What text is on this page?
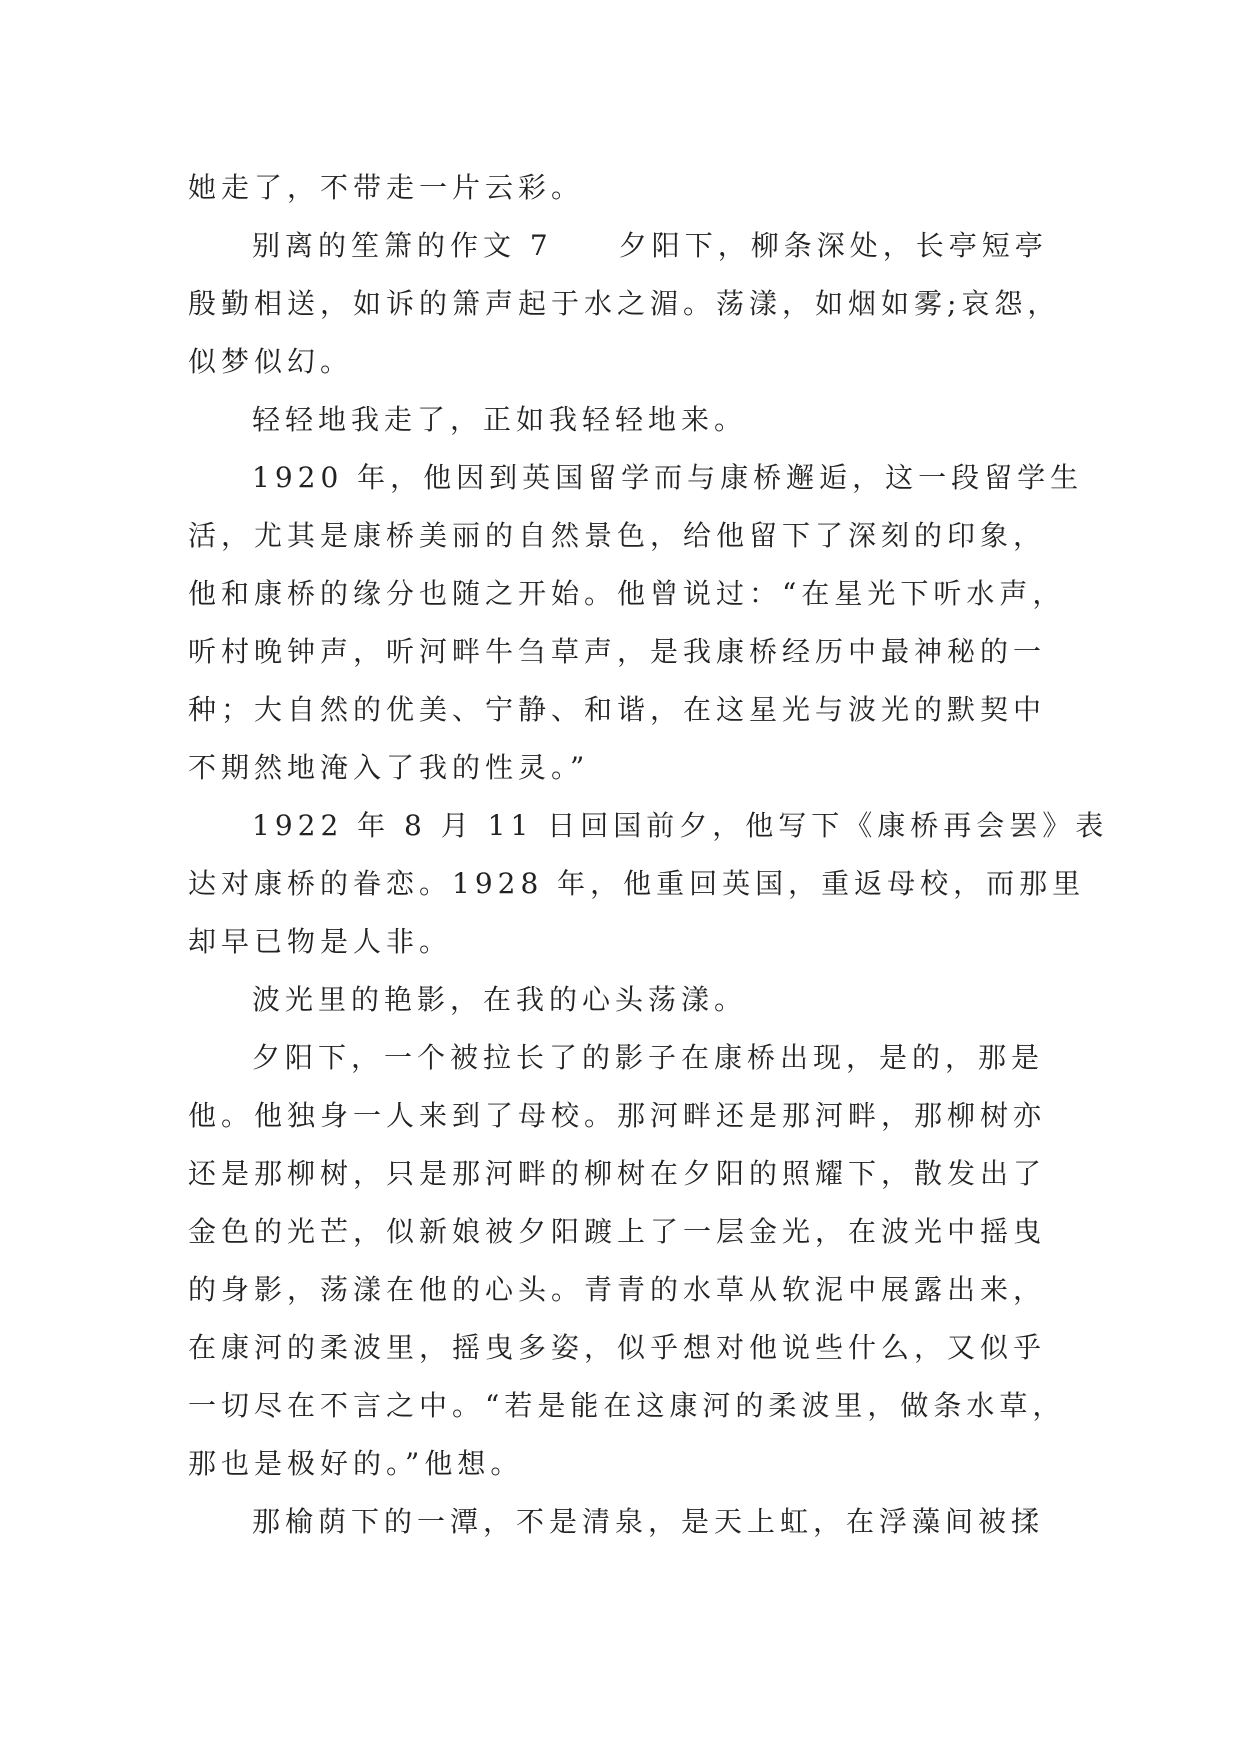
她走了，不带走一片云彩。
别离的笙箫的作文 7　　夕阳下，柳条深处，长亭短亭
殷勤相送，如诉的箫声起于水之湄。荡漾，如烟如雾;哀怨，
似梦似幻。
轻轻地我走了，正如我轻轻地来。
1920 年，他因到英国留学而与康桥邂逅，这一段留学生
活，尤其是康桥美丽的自然景色，给他留下了深刻的印象，
他和康桥的缘分也随之开始。他曾说过：“在星光下听水声，
听村晚钟声，听河畔牛刍草声，是我康桥经历中最神秘的一
种；大自然的优美、宁静、和谐，在这星光与波光的默契中
不期然地淹入了我的性灵。”
1922 年 8 月 11 日回国前夕，他写下《康桥再会罢》表
达对康桥的眷恋。1928 年，他重回英国，重返母校，而那里
却早已物是人非。
波光里的艳影，在我的心头荡漾。
夕阳下，一个被拉长了的影子在康桥出现，是的，那是
他。他独身一人来到了母校。那河畔还是那河畔，那柳树亦
还是那柳树，只是那河畔的柳树在夕阳的照耀下，散发出了
金色的光芒，似新娘被夕阳踱上了一层金光，在波光中摇曳
的身影，荡漾在他的心头。青青的水草从软泥中展露出来，
在康河的柔波里，摇曳多姿，似乎想对他说些什么，又似乎
一切尽在不言之中。“若是能在这康河的柔波里，做条水草，
那也是极好的。”他想。
那榆荫下的一潭，不是清泉，是天上虹，在浮藻间被揉
